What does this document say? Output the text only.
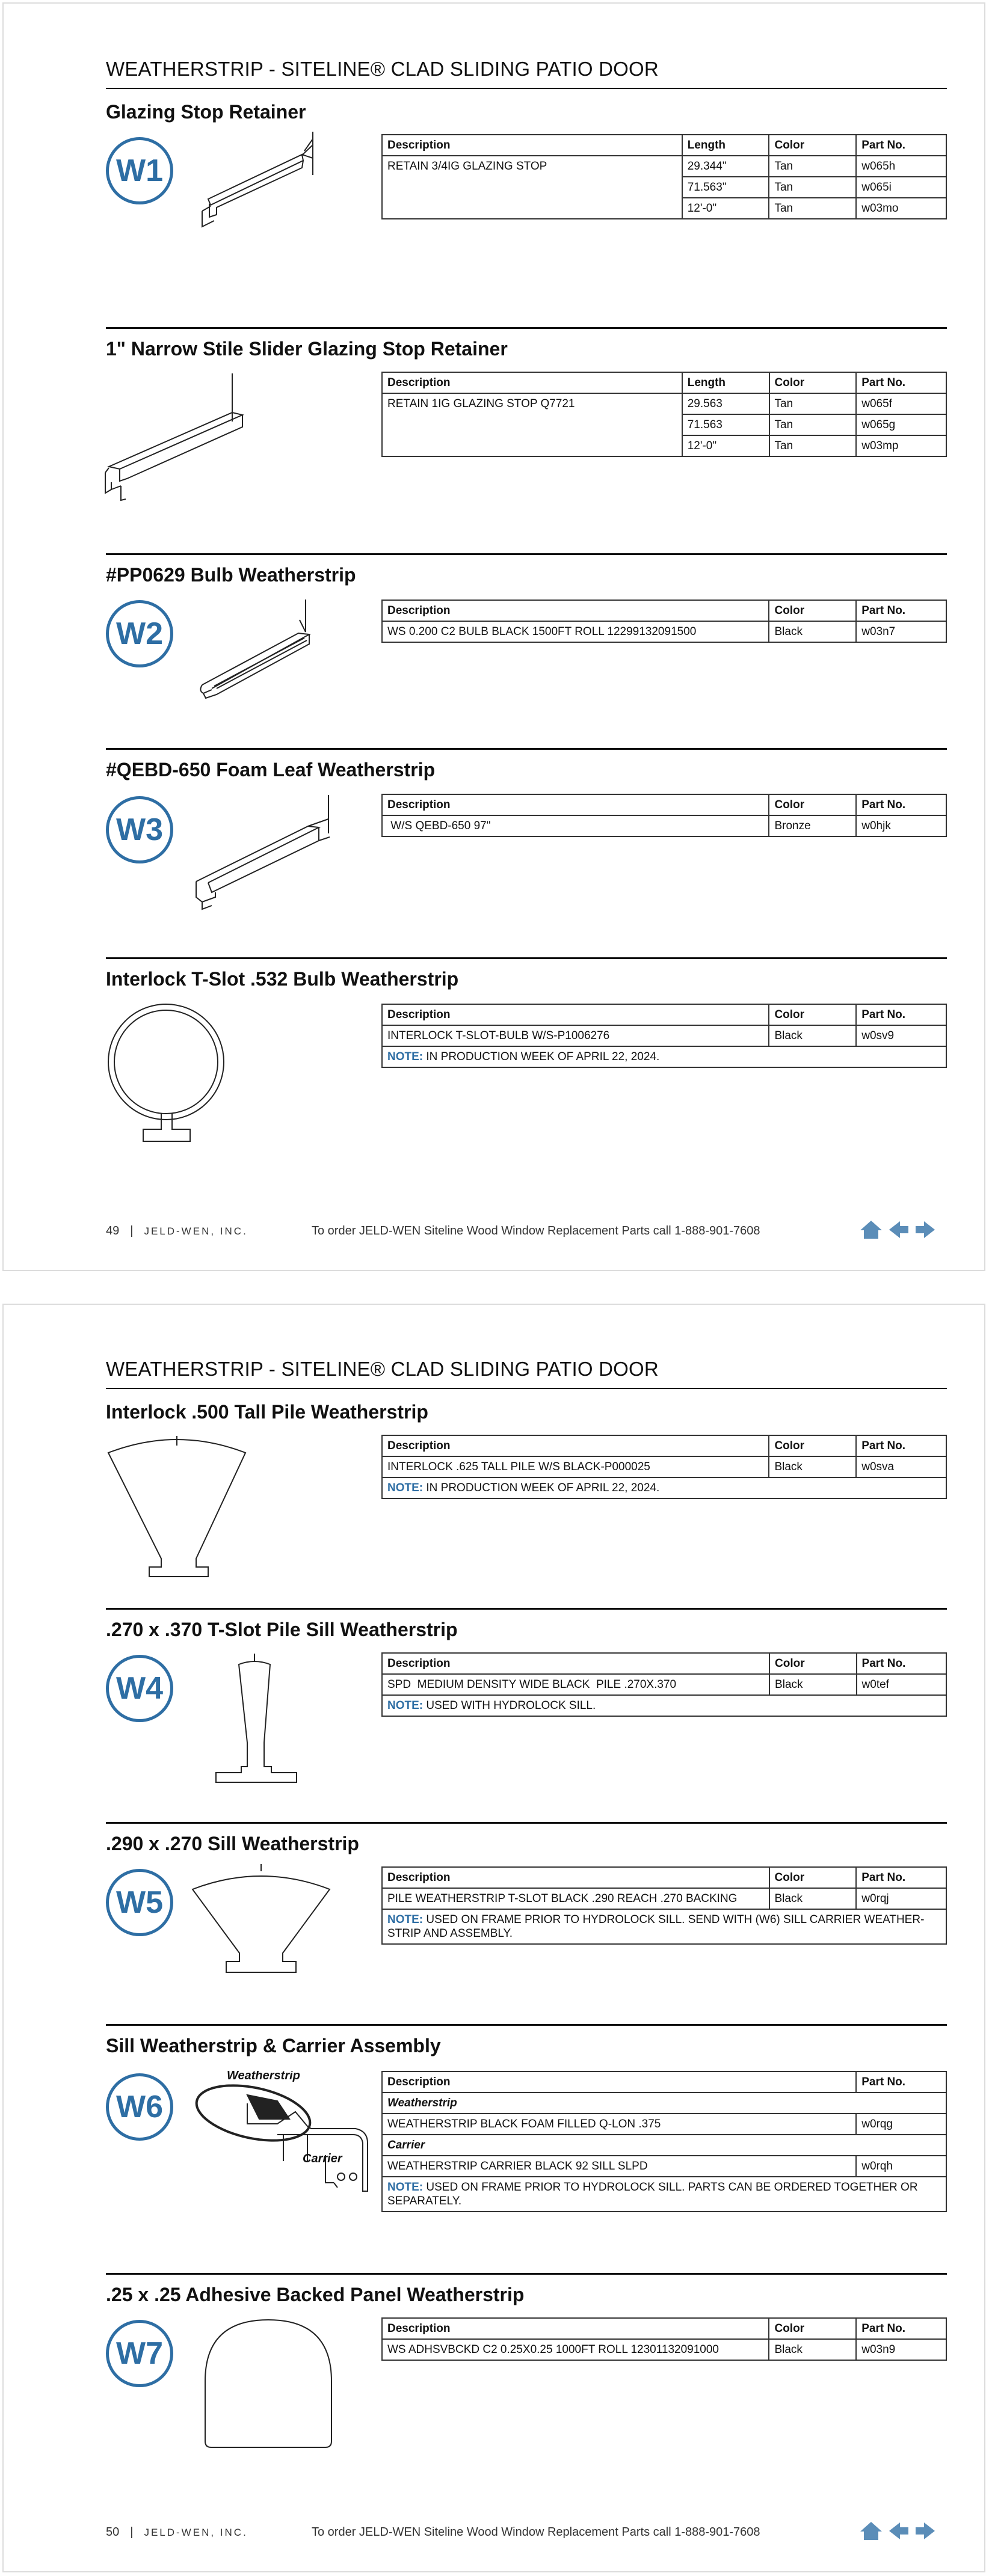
WEATHERSTRIP - SITELINE® CLAD SLIDING PATIO DOOR
Glazing Stop Retainer
W1
Description	Length	Color	Part No.
RETAIN 3/4IG GLAZING STOP	29.344"	Tan	w065h
	71.563"	Tan	w065i
	12'-0"	Tan	w03mo
1" Narrow Stile Slider Glazing Stop Retainer
Description	Length	Color	Part No.
RETAIN 1IG GLAZING STOP Q7721	29.563	Tan	w065f
	71.563	Tan	w065g
	12'-0"	Tan	w03mp
#PP0629 Bulb Weatherstrip
W2
Description	Color	Part No.
WS 0.200 C2 BULB BLACK 1500FT ROLL 12299132091500	Black	w03n7
#QEBD-650 Foam Leaf Weatherstrip
W3
Description	Color	Part No.
W/S QEBD-650 97"	Bronze	w0hjk
Interlock T-Slot .532 Bulb Weatherstrip
Description	Color	Part No.
INTERLOCK T-SLOT-BULB W/S-P1006276	Black	w0sv9
NOTE: IN PRODUCTION WEEK OF APRIL 22, 2024.		
49 | JELD-WEN, INC.	To order JELD-WEN Siteline Wood Window Replacement Parts call 1-888-901-7608
WEATHERSTRIP - SITELINE® CLAD SLIDING PATIO DOOR
Interlock .500 Tall Pile Weatherstrip
Description	Color	Part No.
INTERLOCK .625 TALL PILE W/S BLACK-P000025	Black	w0sva
NOTE: IN PRODUCTION WEEK OF APRIL 22, 2024.		
.270 x .370 T-Slot Pile Sill Weatherstrip
W4
Description	Color	Part No.
SPD  MEDIUM DENSITY WIDE BLACK  PILE .270X.370	Black	w0tef
NOTE: USED WITH HYDROLOCK SILL.		
.290 x .270 Sill Weatherstrip
W5
Description	Color	Part No.
PILE WEATHERSTRIP T-SLOT BLACK .290 REACH .270 BACKING	Black	w0rqj
NOTE: USED ON FRAME PRIOR TO HYDROLOCK SILL. SEND WITH (W6) SILL CARRIER WEATHER-STRIP AND ASSEMBLY.		
Sill Weatherstrip & Carrier Assembly
W6
Weatherstrip
Carrier
Description	Part No.
Weatherstrip	
WEATHERSTRIP BLACK FOAM FILLED Q-LON .375	w0rqg
Carrier	
WEATHERSTRIP CARRIER BLACK 92 SILL SLPD	w0rqh
NOTE: USED ON FRAME PRIOR TO HYDROLOCK SILL. PARTS CAN BE ORDERED TOGETHER OR SEPARATELY.	
.25 x .25 Adhesive Backed Panel Weatherstrip
W7
Description	Color	Part No.
WS ADHSVBCKD C2 0.25X0.25 1000FT ROLL 12301132091000	Black	w03n9
50 | JELD-WEN, INC.	To order JELD-WEN Siteline Wood Window Replacement Parts call 1-888-901-7608
